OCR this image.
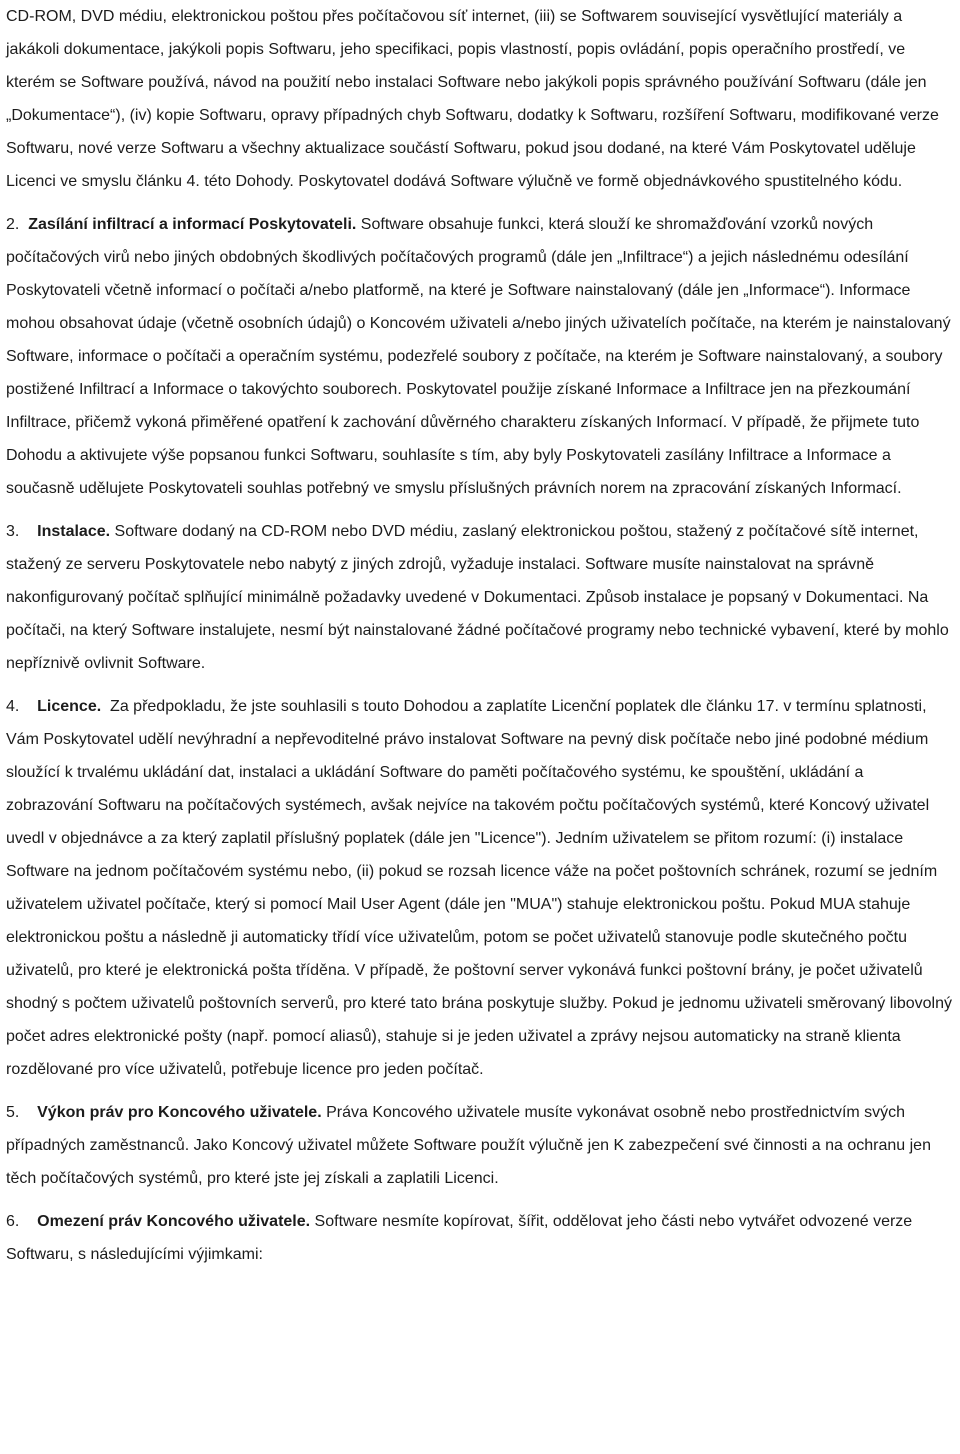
CD-ROM, DVD médiu, elektronickou poštou přes počítačovou síť internet, (iii) se Softwarem související vysvětlující materiály a jakákoli dokumentace, jakýkoli popis Softwaru, jeho specifikaci, popis vlastností, popis ovládání, popis operačního prostředí, ve kterém se Software používá, návod na použití nebo instalaci Software nebo jakýkoli popis správného používání Softwaru (dále jen „Dokumentace“), (iv) kopie Softwaru, opravy případných chyb Softwaru, dodatky k Softwaru, rozšíření Softwaru, modifikované verze Softwaru, nové verze Softwaru a všechny aktualizace součástí Softwaru, pokud jsou dodané, na které Vám Poskytovatel uděluje Licenci ve smyslu článku 4. této Dohody. Poskytovatel dodává Software výlučně ve formě objednávkového spustitelného kódu.

2. Zasílání infiltrací a informací Poskytovateli. Software obsahuje funkci, která slouží ke shromažďování vzorků nových počítačových virů nebo jiných obdobných škodlivých počítačových programů (dále jen „Infiltrace“) a jejich následnému odesílání Poskytovateli včetně informací o počítači a/nebo platformě, na které je Software nainstalovaný (dále jen „Informace“). Informace mohou obsahovat údaje (včetně osobních údajů) o Koncovém uživateli a/nebo jiných uživatelích počítače, na kterém je nainstalovaný Software, informace o počítači a operačním systému, podezřelé soubory z počítače, na kterém je Software nainstalovaný, a soubory postižené Infiltrací a Informace o takovýchto souborech. Poskytovatel použije získané Informace a Infiltrace jen na přezkoumání Infiltrace, přičemž vykoná přiměřené opatření k zachování důvěrného charakteru získaných Informací. V případě, že přijmete tuto Dohodu a aktivujete výše popsanou funkci Softwaru, souhlasíte s tím, aby byly Poskytovateli zasílány Infiltrace a Informace a současně udělujete Poskytovateli souhlas potřebný ve smyslu příslušných právních norem na zpracování získaných Informací.

3. Instalace. Software dodaný na CD-ROM nebo DVD médiu, zaslaný elektronickou poštou, stažený z počítačové sítě internet, stažený ze serveru Poskytovatele nebo nabytý z jiných zdrojů, vyžaduje instalaci. Software musíte nainstalovat na správně nakonfigurovaný počítač splňující minimálně požadavky uvedené v Dokumentaci. Způsob instalace je popsaný v Dokumentaci. Na počítači, na který Software instalujete, nesmí být nainstalované žádné počítačové programy nebo technické vybavení, které by mohlo nepříznivě ovlivnit Software.

4. Licence. Za předpokladu, že jste souhlasili s touto Dohodou a zaplatíte Licenční poplatek dle článku 17. v termínu splatnosti, Vám Poskytovatel udělí nevýhradní a nepřevoditelné právo instalovat Software na pevný disk počítače nebo jiné podobné médium sloužící k trvalému ukládání dat, instalaci a ukládání Software do paměti počítačového systému, ke spouštění, ukládání a zobrazování Softwaru na počítačových systémech, avšak nejvíce na takovém počtu počítačových systémů, které Koncový uživatel uvedl v objednávce a za který zaplatil příslušný poplatek (dále jen "Licence"). Jedním uživatelem se přitom rozumí: (i) instalace Software na jednom počítačovém systému nebo, (ii) pokud se rozsah licence váže na počet poštovních schránek, rozumí se jedním uživatelem uživatel počítače, který si pomocí Mail User Agent (dále jen "MUA") stahuje elektronickou poštu. Pokud MUA stahuje elektronickou poštu a následně ji automaticky třídí více uživatelům, potom se počet uživatelů stanovuje podle skutečného počtu uživatelů, pro které je elektronická pošta tříděna. V případě, že poštovní server vykonává funkci poštovní brány, je počet uživatelů shodný s počtem uživatelů poštovních serverů, pro které tato brána poskytuje služby. Pokud je jednomu uživateli směrovaný libovolný počet adres elektronické pošty (např. pomocí aliasů), stahuje si je jeden uživatel a zprávy nejsou automaticky na straně klienta rozdělované pro více uživatelů, potřebuje licence pro jeden počítač.

5. Výkon práv pro Koncového uživatele. Práva Koncového uživatele musíte vykonávat osobně nebo prostřednictvím svých případných zaměstnanců. Jako Koncový uživatel můžete Software použít výlučně jen K zabezpečení své činnosti a na ochranu jen těch počítačových systémů, pro které jste jej získali a zaplatili Licenci.

6. Omezení práv Koncového uživatele. Software nesmíte kopírovat, šířit, oddělovat jeho části nebo vytvářet odvozené verze Softwaru, s následujícími výjimkami:
